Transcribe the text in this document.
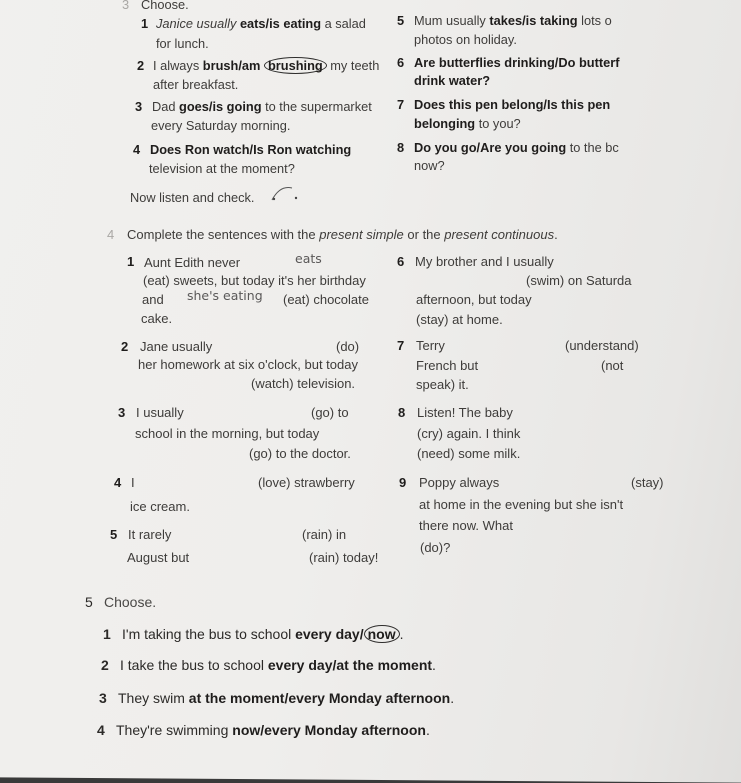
3 Choose.
1 Janice usually eats/is eating a salad
for lunch.
2 I always brush/am brushing my teeth
after breakfast.
3 Dad goes/is going to the supermarket
every Saturday morning.
4 Does Ron watch/Is Ron watching
television at the moment?
5 Mum usually takes/is taking lots o
photos on holiday.
6 Are butterflies drinking/Do butterf
drink water?
7 Does this pen belong/Is this pen
belonging to you?
8 Do you go/Are you going to the bc
now?
Now listen and check.
4 Complete the sentences with the present simple or the present continuous.
1 Aunt Edith never	eats
(eat) sweets, but today it's her birthday
and she's eating (eat) chocolate
cake.
2 Jane usually	(do)
her homework at six o'clock, but today
(watch) television.
3 I usually	(go) to
school in the morning, but today
(go) to the doctor.
4 I	(love) strawberry
ice cream.
5 It rarely	(rain) in
August but	(rain) today!
6 My brother and I usually
(swim) on Saturda
afternoon, but today
(stay) at home.
7 Terry	(understand)
French but	(not
speak) it.
8 Listen! The baby
(cry) again. I think
(need) some milk.
9 Poppy always	(stay)
at home in the evening but she isn't
there now. What
(do)?
5 Choose.
1 I'm taking the bus to school every day/ now .
2 I take the bus to school every day/at the moment.
3 They swim at the moment/every Monday afternoon.
4 They're swimming now/every Monday afternoon.
